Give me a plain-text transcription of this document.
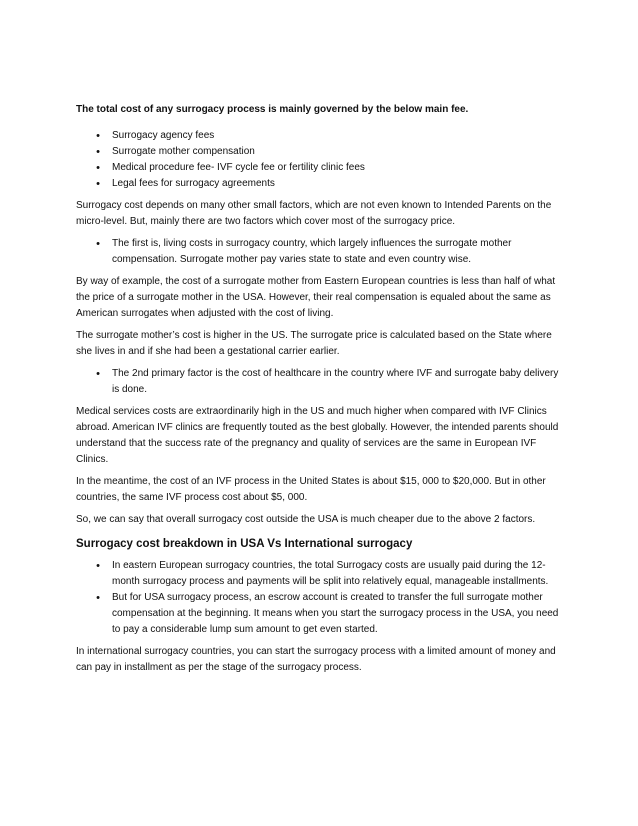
The total cost of any surrogacy process is mainly governed by the below main fee.
•
Surrogacy agency fees
•
Surrogate mother compensation
•
Medical procedure fee- IVF cycle fee or fertility clinic fees
•
Legal fees for surrogacy agreements

Surrogacy cost depends on many other small factors, which are not even known to Intended Parents on the micro-level. But, mainly there are two factors which cover most of the surrogacy price.

•
The first is, living costs in surrogacy country, which largely influences the surrogate mother compensation. Surrogate mother pay varies state to state and even country wise.

By way of example, the cost of a surrogate mother from Eastern European countries is less than half of what the price of a surrogate mother in the USA. However, their real compensation is equaled about the same as American surrogates when adjusted with the cost of living.

The surrogate mother’s cost is higher in the US. The surrogate price is calculated based on the State where she lives in and if she had been a gestational carrier earlier.

•
The 2nd primary factor is the cost of healthcare in the country where IVF and surrogate baby delivery is done.

Medical services costs are extraordinarily high in the US and much higher when compared with IVF Clinics abroad. American IVF clinics are frequently touted as the best globally. However, the intended parents should understand that the success rate of the pregnancy and quality of services are the same in European IVF Clinics.

In the meantime, the cost of an IVF process in the United States is about $15, 000 to $20,000. But in other countries, the same IVF process cost about $5, 000.

So, we can say that overall surrogacy cost outside the USA is much cheaper due to the above 2 factors.

Surrogacy cost breakdown in USA Vs International surrogacy
•
In eastern European surrogacy countries, the total Surrogacy costs are usually paid during the 12-month surrogacy process and payments will be split into relatively equal, manageable installments.
•
But for USA surrogacy process, an escrow account is created to transfer the full surrogate mother compensation at the beginning. It means when you start the surrogacy process in the USA, you need to pay a considerable lump sum amount to get even started.

In international surrogacy countries, you can start the surrogacy process with a limited amount of money and can pay in installment as per the stage of the surrogacy process.
